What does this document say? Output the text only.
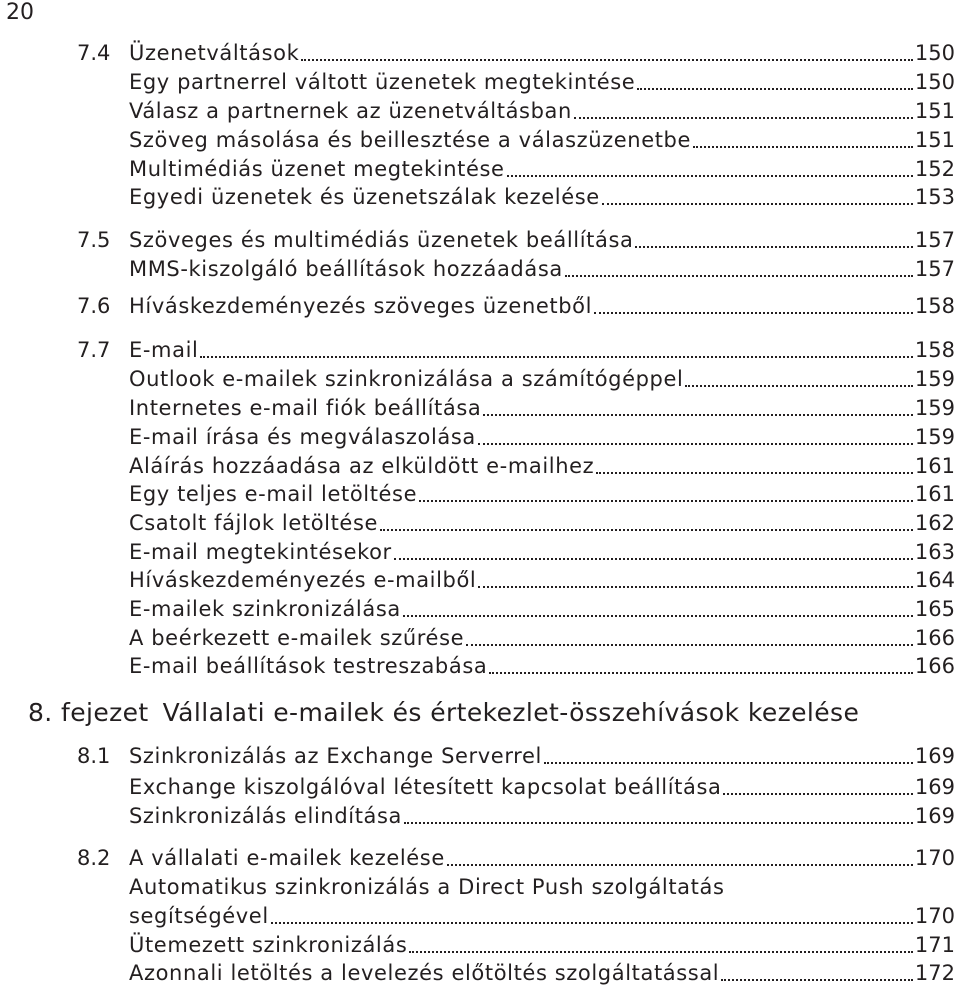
20
7.4 Üzenetváltások	150
Egy partnerrel váltott üzenetek megtekintése	150
Válasz a partnernek az üzenetváltásban	151
Szöveg másolása és beillesztése a válaszüzenetbe	151
Multimédiás üzenet megtekintése	152
Egyedi üzenetek és üzenetszálak kezelése	153
7.5 Szöveges és multimédiás üzenetek beállítása	157
MMS-kiszolgáló beállítások hozzáadása	157
7.6 Híváskezdeményezés szöveges üzenetből	158
7.7 E-mail	158
Outlook e-mailek szinkronizálása a számítógéppel	159
Internetes e-mail fiók beállítása	159
E-mail írása és megválaszolása	159
Aláírás hozzáadása az elküldött e-mailhez	161
Egy teljes e-mail letöltése	161
Csatolt fájlok letöltése	162
E-mail megtekintésekor	163
Híváskezdeményezés e-mailből	164
E-mailek szinkronizálása	165
A beérkezett e-mailek szűrése	166
E-mail beállítások testreszabása	166
8. fejezet Vállalati e-mailek és értekezlet-összehívások kezelése
8.1 Szinkronizálás az Exchange Serverrel	169
Exchange kiszolgálóval létesített kapcsolat beállítása	169
Szinkronizálás elindítása	169
8.2 A vállalati e-mailek kezelése	170
Automatikus szinkronizálás a Direct Push szolgáltatás
segítségével	170
Ütemezett szinkronizálás	171
Azonnali letöltés a levelezés előtöltés szolgáltatással	172
